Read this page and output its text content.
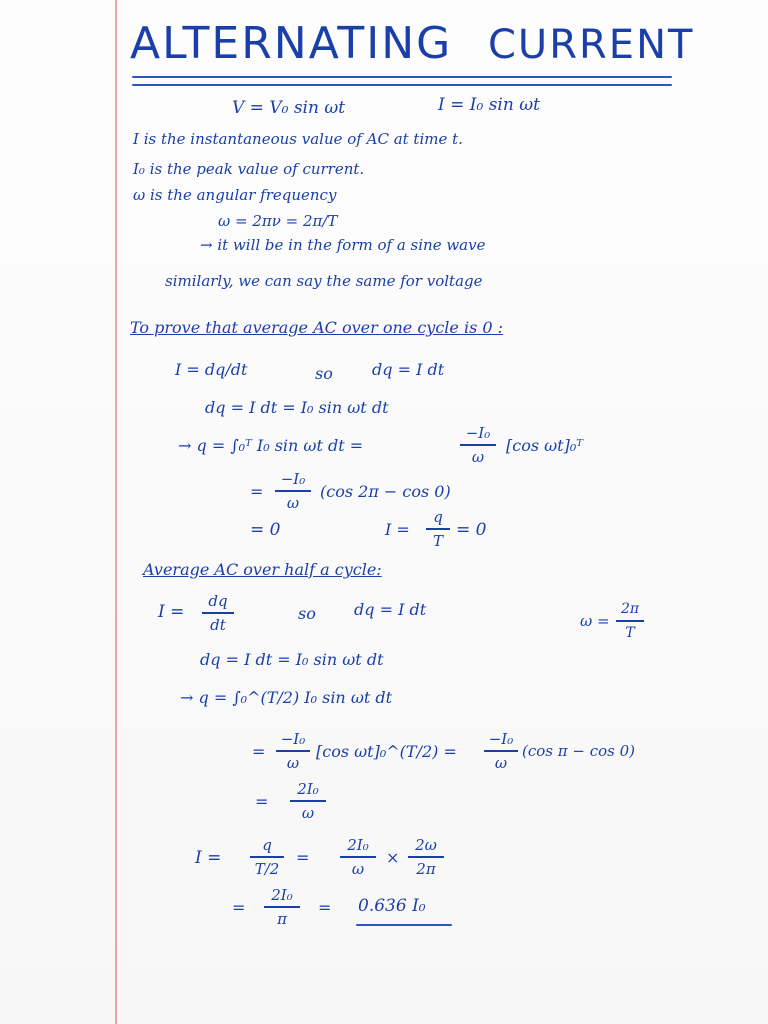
ALTERNATING CURRENT
V = V₀ sin ωt	I = I₀ sin ωt
I is the instantaneous value of AC at time t.
I₀ is the peak value of current.
ω is the angular frequency
ω = 2πν = 2π/T
→ it will be in the form of a sine wave
similarly, we can say the same for voltage
To prove that average AC over one cycle is 0 :
I = dq/dt	so dq = I dt
dq = I dt = I₀ sin ωt dt
→ q = ∫₀ᵀ I₀ sin ωt dt =
−I₀
ω
[cos ωt]₀ᵀ
=
−I₀
ω
(cos 2π − cos 0)
= 0	I =
q
T
= 0
Average AC over half a cycle:
I =
dq
dt
so dq = I dt
ω =
2π
T
dq = I dt = I₀ sin ωt dt
→ q = ∫₀^(T/2) I₀ sin ωt dt
=
−I₀
ω
[cos ωt]₀^(T/2) =
−I₀
ω
(cos π − cos 0)
=
2I₀
ω
I =
q
T/2
=
2I₀
ω
×
2ω
2π
=
2I₀
π
= 0.636 I₀
